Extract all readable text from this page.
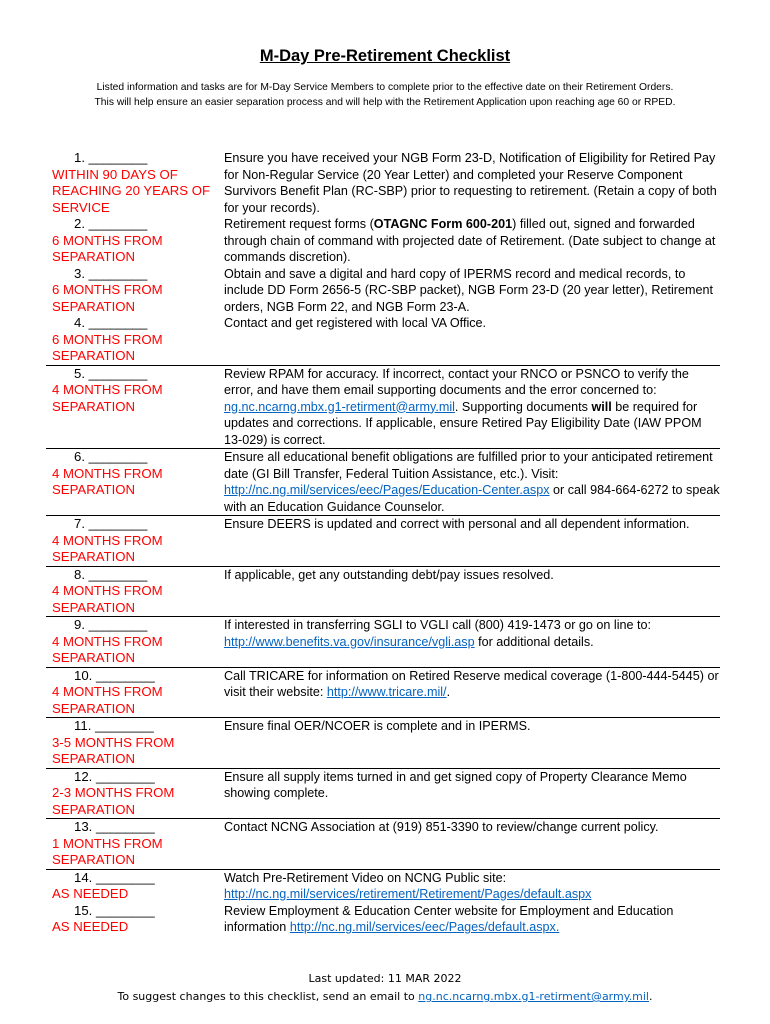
M-Day Pre-Retirement Checklist
Listed information and tasks are for M-Day Service Members to complete prior to the effective date on their Retirement Orders.
This will help ensure an easier separation process and will help with the Retirement Application upon reaching age 60 or RPED.
1. ________
WITHIN 90 DAYS OF REACHING 20 YEARS OF SERVICE	Ensure you have received your NGB Form 23-D, Notification of Eligibility for Retired Pay for Non-Regular Service (20 Year Letter) and completed your Reserve Component Survivors Benefit Plan (RC-SBP) prior to requesting to retirement. (Retain a copy of both for your records).

2. ________
6 MONTHS FROM SEPARATION	Retirement request forms (OTAGNC Form 600-201) filled out, signed and forwarded through chain of command with projected date of Retirement. (Date subject to change at commands discretion).

3. ________
6 MONTHS FROM SEPARATION	Obtain and save a digital and hard copy of IPERMS record and medical records, to include DD Form 2656-5 (RC-SBP packet), NGB Form 23-D (20 year letter), Retirement orders, NGB Form 22, and NGB Form 23-A.

4. ________
6 MONTHS FROM SEPARATION	Contact and get registered with local VA Office.

5. ________
4 MONTHS FROM SEPARATION	Review RPAM for accuracy. If incorrect, contact your RNCO or PSNCO to verify the error, and have them email supporting documents and the error concerned to: ng.nc.ncarng.mbx.g1-retirment@army.mil. Supporting documents will be required for updates and corrections. If applicable, ensure Retired Pay Eligibility Date (IAW PPOM 13-029) is correct.

6. ________
4 MONTHS FROM SEPARATION	Ensure all educational benefit obligations are fulfilled prior to your anticipated retirement date (GI Bill Transfer, Federal Tuition Assistance, etc.). Visit: http://nc.ng.mil/services/eec/Pages/Education-Center.aspx or call 984-664-6272 to speak with an Education Guidance Counselor.

7. ________
4 MONTHS FROM SEPARATION	Ensure DEERS is updated and correct with personal and all dependent information.

8. ________
4 MONTHS FROM SEPARATION	If applicable, get any outstanding debt/pay issues resolved.

9. ________
4 MONTHS FROM SEPARATION	If interested in transferring SGLI to VGLI call (800) 419-1473 or go on line to: http://www.benefits.va.gov/insurance/vgli.asp for additional details.

10. ________
4 MONTHS FROM SEPARATION	Call TRICARE for information on Retired Reserve medical coverage (1-800-444-5445) or visit their website: http://www.tricare.mil/.

11. ________
3-5 MONTHS FROM SEPARATION	Ensure final OER/NCOER is complete and in IPERMS.

12. ________
2-3 MONTHS FROM SEPARATION	Ensure all supply items turned in and get signed copy of Property Clearance Memo showing complete.

13. ________
1 MONTHS FROM SEPARATION	Contact NCNG Association at (919) 851-3390 to review/change current policy.

14. ________
AS NEEDED	Watch Pre-Retirement Video on NCNG Public site: http://nc.ng.mil/services/retirement/Retirement/Pages/default.aspx

15. ________
AS NEEDED	Review Employment & Education Center website for Employment and Education information http://nc.ng.mil/services/eec/Pages/default.aspx.
Last updated: 11 MAR 2022
To suggest changes to this checklist, send an email to ng.nc.ncarng.mbx.g1-retirment@army.mil.
